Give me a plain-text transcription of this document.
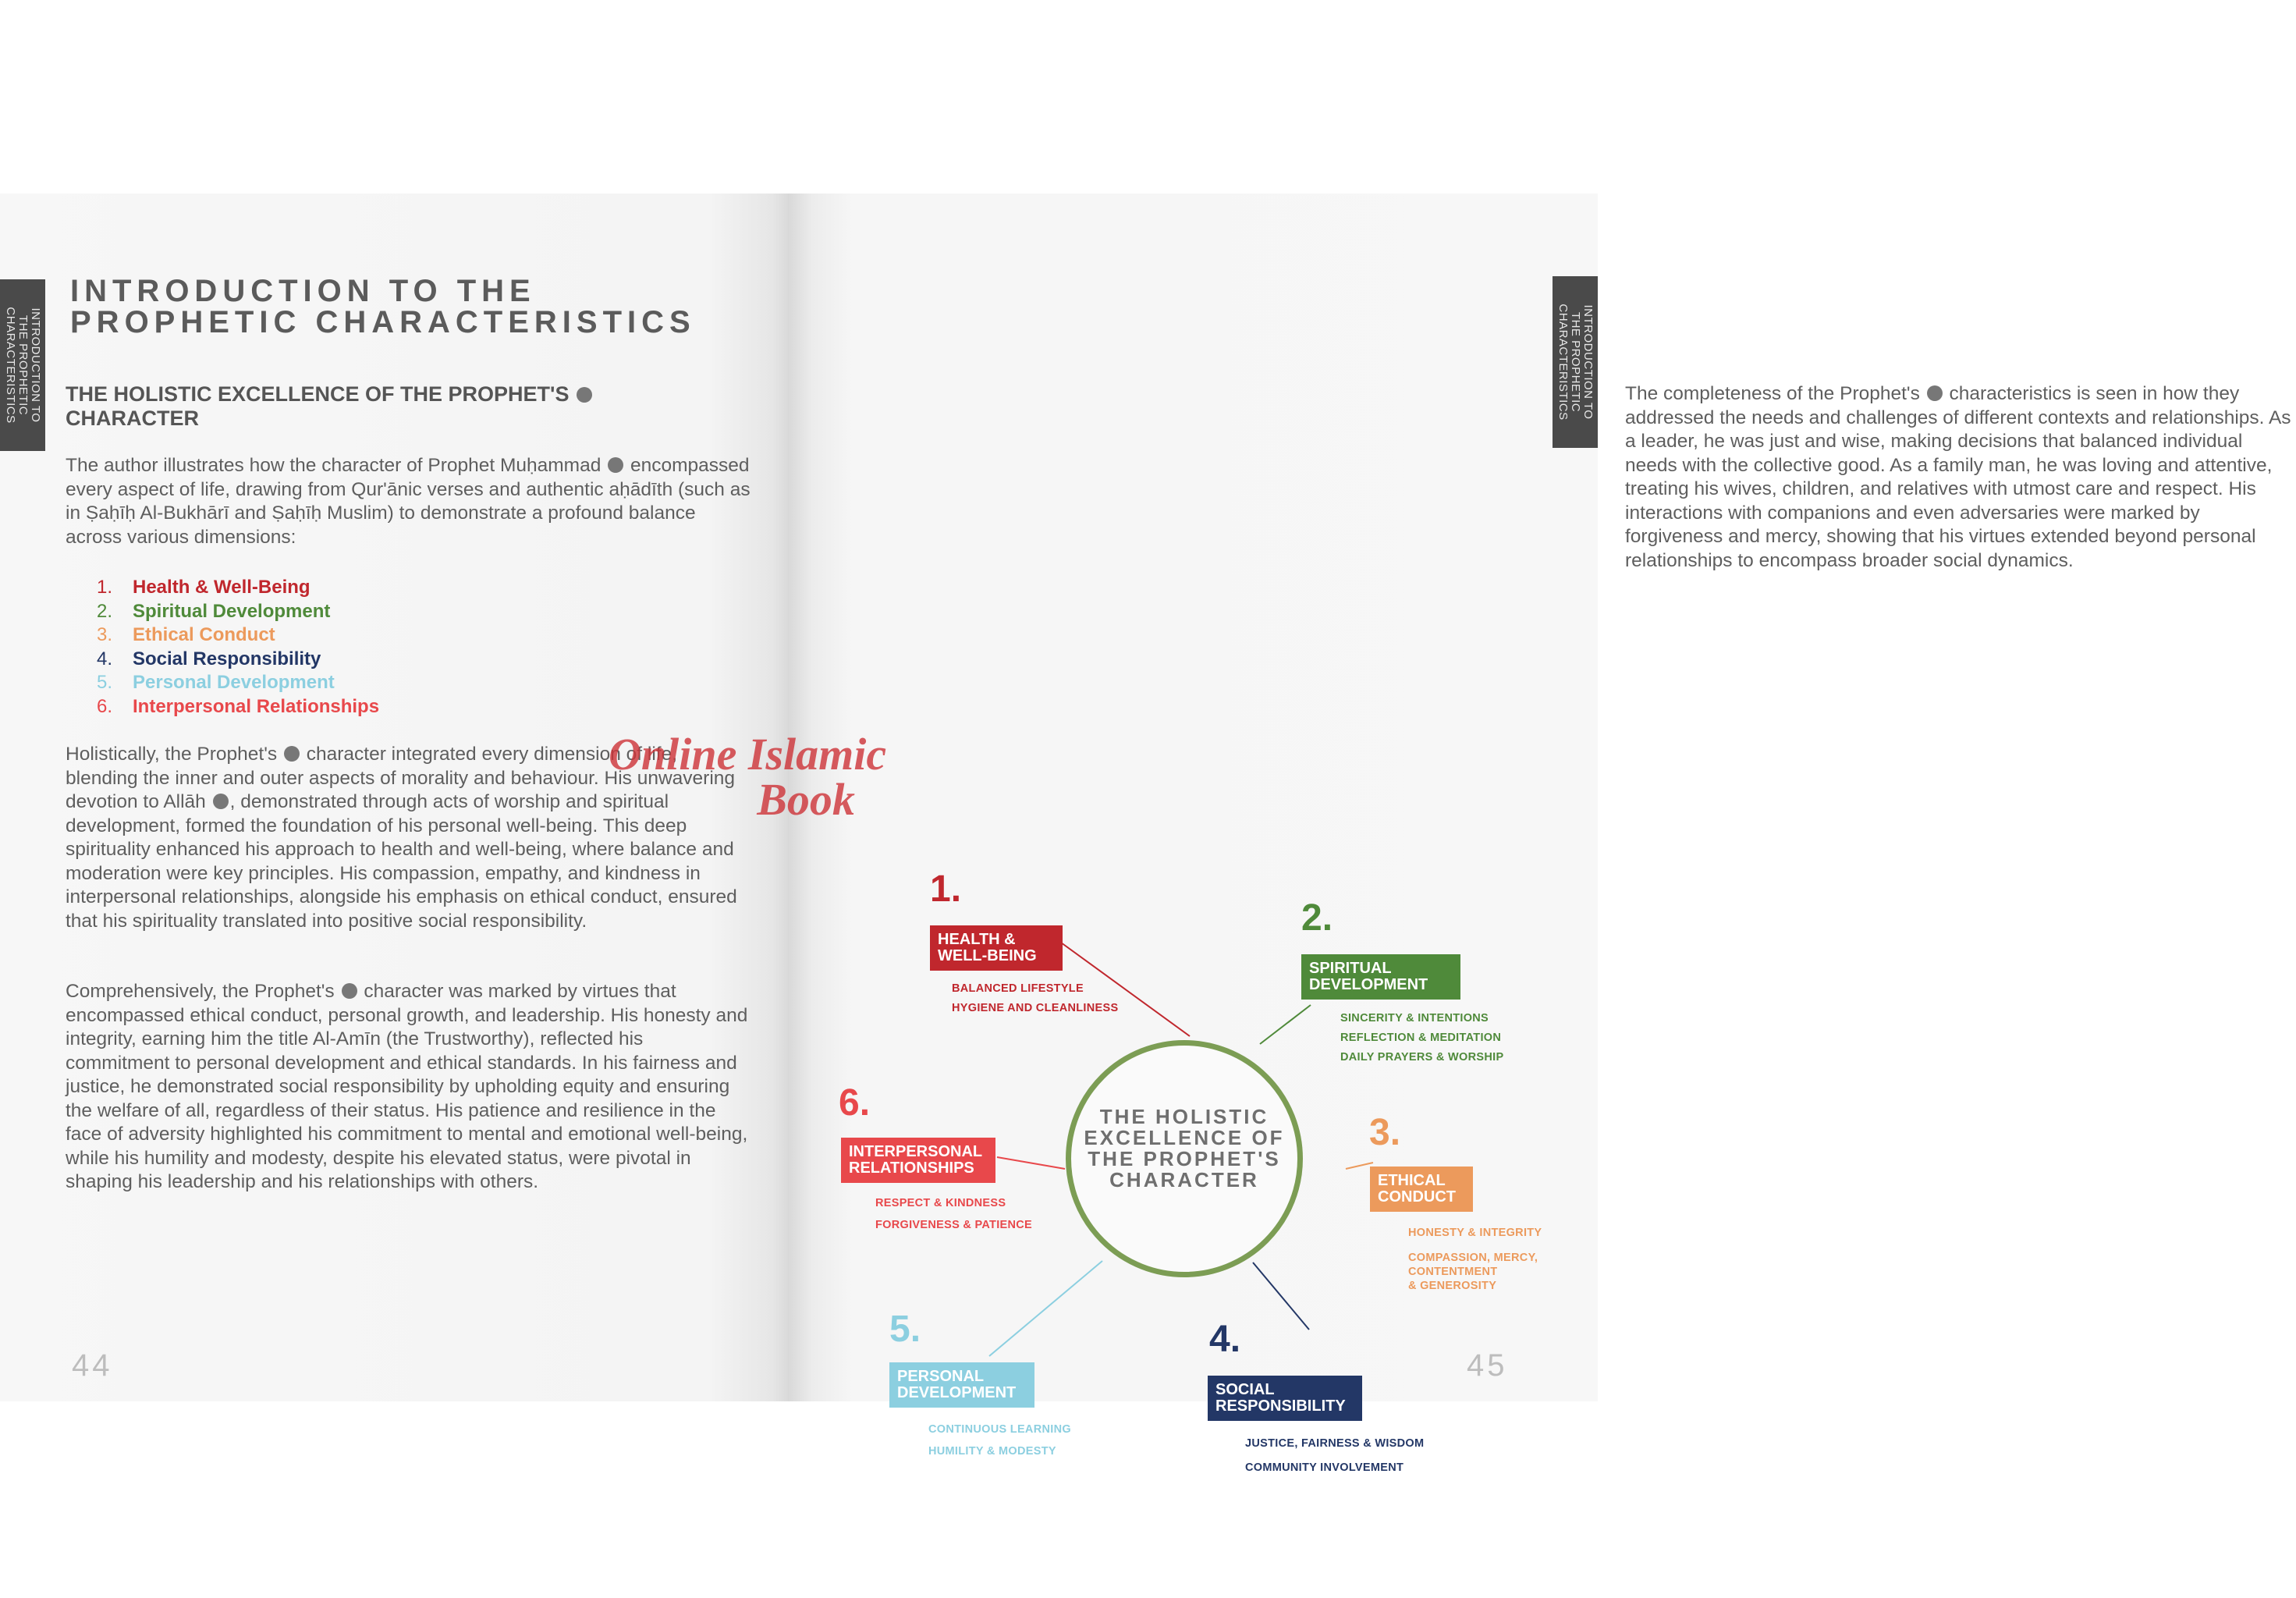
INTRODUCTION TO
THE PROPHETIC
CHARACTERISTICS
INTRODUCTION TO THE
PROPHETIC CHARACTERISTICS
THE HOLISTIC EXCELLENCE OF THE PROPHET'S
CHARACTER
The author illustrates how the character of Prophet Muḥammad encompassed every aspect of life, drawing from Qur'ānic verses and authentic aḥādīth (such as in Ṣaḥīḥ Al-Bukhārī and Ṣaḥīḥ Muslim) to demonstrate a profound balance across various dimensions:
1. Health & Well-Being
2. Spiritual Development
3. Ethical Conduct
4. Social Responsibility
5. Personal Development
6. Interpersonal Relationships
Holistically, the Prophet's character integrated every dimension of life, blending the inner and outer aspects of morality and behaviour. His unwavering devotion to Allāh , demonstrated through acts of worship and spiritual development, formed the foundation of his personal well-being. This deep spirituality enhanced his approach to health and well-being, where balance and moderation were key principles. His compassion, empathy, and kindness in interpersonal relationships, alongside his emphasis on ethical conduct, ensured that his spirituality translated into positive social responsibility.
Comprehensively, the Prophet's character was marked by virtues that encompassed ethical conduct, personal growth, and leadership. His honesty and integrity, earning him the title Al-Amīn (the Trustworthy), reflected his commitment to personal development and ethical standards. In his fairness and justice, he demonstrated social responsibility by upholding equity and ensuring the welfare of all, regardless of their status. His patience and resilience in the face of adversity highlighted his commitment to mental and emotional well-being, while his humility and modesty, despite his elevated status, were pivotal in shaping his leadership and his relationships with others.
44
INTRODUCTION TO
THE PROPHETIC
CHARACTERISTICS	The completeness of the Prophet's characteristics is seen in how they addressed the needs and challenges of different contexts and relationships. As a leader, he was just and wise, making decisions that balanced individual needs with the collective good. As a family man, he was loving and attentive, treating his wives, children, and relatives with utmost care and respect. His interactions with companions and even adversaries were marked by forgiveness and mercy, showing that his virtues extended beyond personal relationships to encompass broader social dynamics.
45
THE HOLISTIC
EXCELLENCE OF
THE PROPHET'S
CHARACTER
1.
HEALTH &
WELL-BEING
BALANCED LIFESTYLE
HYGIENE AND CLEANLINESS
2.
SPIRITUAL
DEVELOPMENT
SINCERITY & INTENTIONS
REFLECTION & MEDITATION
DAILY PRAYERS & WORSHIP
3.
ETHICAL
CONDUCT
HONESTY & INTEGRITY
COMPASSION, MERCY,
CONTENTMENT
& GENEROSITY
4.
SOCIAL
RESPONSIBILITY
JUSTICE, FAIRNESS & WISDOM
COMMUNITY INVOLVEMENT
5.
PERSONAL
DEVELOPMENT
CONTINUOUS LEARNING
HUMILITY & MODESTY
6.
INTERPERSONAL
RELATIONSHIPS
RESPECT & KINDNESS
FORGIVENESS & PATIENCE
Online Islamic
Book
